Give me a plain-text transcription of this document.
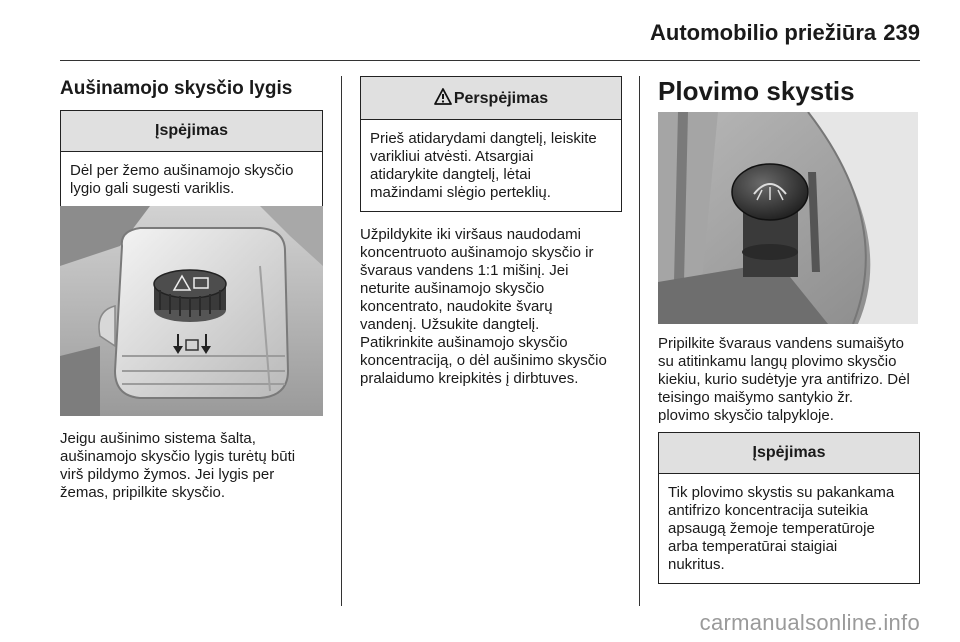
Automobilio priežiūra 239
Aušinamojo skysčio lygis
Įspėjimas
Dėl per žemo aušinamojo skysčio lygio gali sugesti variklis.
Jeigu aušinimo sistema šalta,
aušinamojo skysčio lygis turėtų būti
virš pildymo žymos. Jei lygis per
žemas, pripilkite skysčio.
Perspėjimas
Prieš atidarydami dangtelį, leiskite
varikliui atvėsti. Atsargiai
atidarykite dangtelį, lėtai
mažindami slėgio perteklių.
Užpildykite iki viršaus naudodami
koncentruoto aušinamojo skysčio ir
švaraus vandens 1:1 mišinį. Jei
neturite aušinamojo skysčio
koncentrato, naudokite švarų
vandenį. Užsukite dangtelį.
Patikrinkite aušinamojo skysčio
koncentraciją, o dėl aušinimo skysčio
pralaidumo kreipkitės į dirbtuves.
Plovimo skystis
Pripilkite švaraus vandens sumaišyto
su atitinkamu langų plovimo skysčio
kiekiu, kurio sudėtyje yra antifrizo. Dėl
teisingo maišymo santykio žr.
plovimo skysčio talpykloje.
Įspėjimas
Tik plovimo skystis su pakankama
antifrizo koncentracija suteikia
apsaugą žemoje temperatūroje
arba temperatūrai staigiai
nukritus.
carmanualsonline.info
